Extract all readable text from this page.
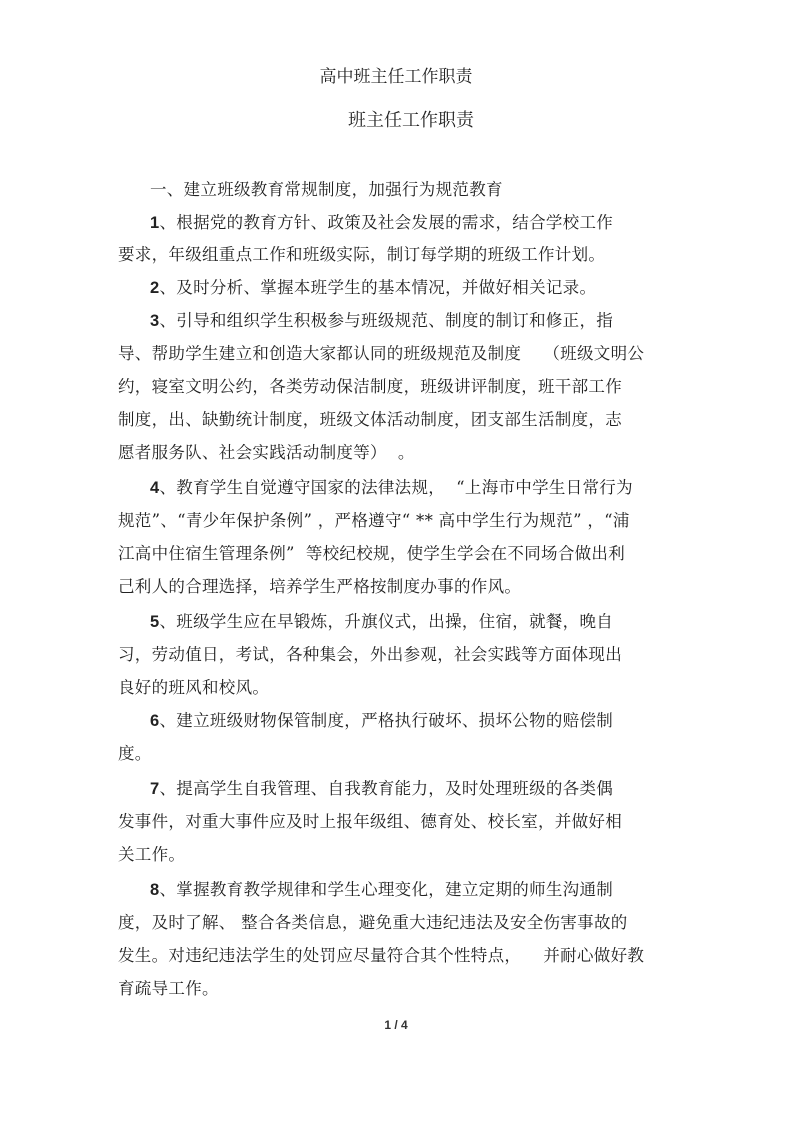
高中班主任工作职责
班主任工作职责
一、建立班级教育常规制度，加强行为规范教育
1、根据党的教育方针、政策及社会发展的需求，结合学校工作
要求，年级组重点工作和班级实际，制订每学期的班级工作计划。
2、及时分析、掌握本班学生的基本情况，并做好相关记录。
3、引导和组织学生积极参与班级规范、制度的制订和修正，指
导、帮助学生建立和创造大家都认同的班级规范及制度    （班级文明公
约，寝室文明公约，各类劳动保洁制度，班级讲评制度，班干部工作
制度，出、缺勤统计制度，班级文体活动制度，团支部生活制度，志
愿者服务队、社会实践活动制度等）  。
4、教育学生自觉遵守国家的法律法规，  “上海市中学生日常行为
规范”、“青少年保护条例” ，严格遵守“ ** 高中学生行为规范” ，“浦
江高中住宿生管理条例”  等校纪校规，使学生学会在不同场合做出利
己利人的合理选择，培养学生严格按制度办事的作风。
5、班级学生应在早锻炼，升旗仪式，出操，住宿，就餐，晚自
习，劳动值日，考试，各种集会，外出参观，社会实践等方面体现出
良好的班风和校风。
6、建立班级财物保管制度，严格执行破坏、损坏公物的赔偿制
度。
7、提高学生自我管理、自我教育能力，及时处理班级的各类偶
发事件，对重大事件应及时上报年级组、德育处、校长室，并做好相
关工作。
8、掌握教育教学规律和学生心理变化，建立定期的师生沟通制
度，及时了解、 整合各类信息，避免重大违纪违法及安全伤害事故的
发生。对违纪违法学生的处罚应尽量符合其个性特点，    并耐心做好教
育疏导工作。
1 / 4
